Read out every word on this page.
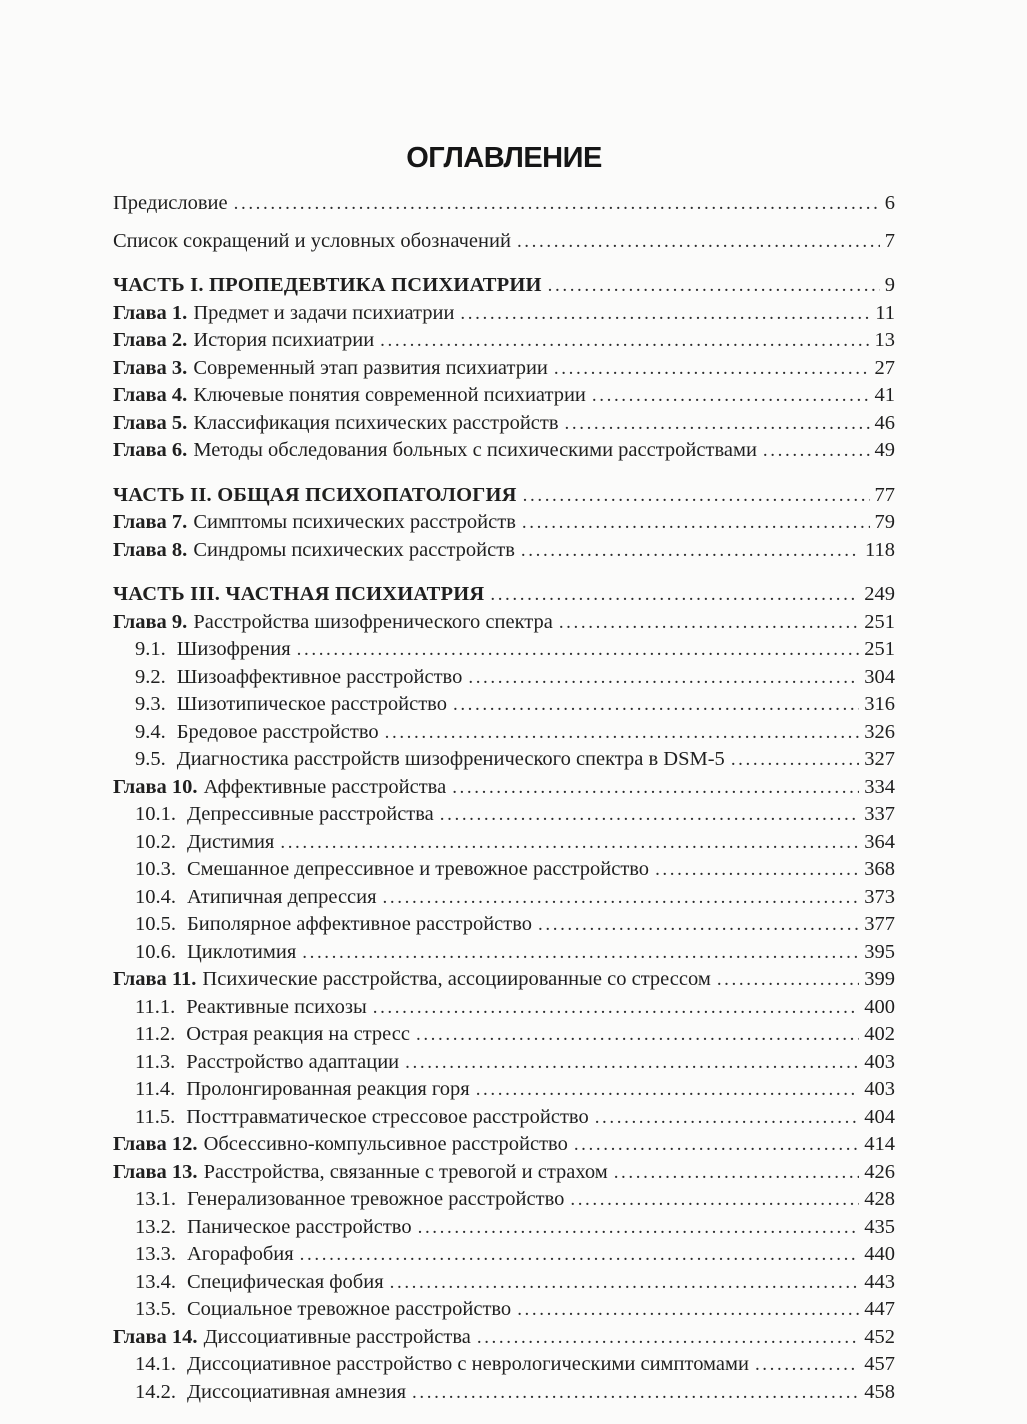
ОГЛАВЛЕНИЕ
Предисловие .....	6
Список сокращений и условных обозначений .....	7
ЧАСТЬ I. ПРОПЕДЕВТИКА ПСИХИАТРИИ .....	9
Глава 1. Предмет и задачи психиатрии .....	11
Глава 2. История психиатрии .....	13
Глава 3. Современный этап развития психиатрии .....	27
Глава 4. Ключевые понятия современной психиатрии .....	41
Глава 5. Классификация психических расстройств .....	46
Глава 6. Методы обследования больных с психическими расстройствами .....	49
ЧАСТЬ II. ОБЩАЯ ПСИХОПАТОЛОГИЯ .....	77
Глава 7. Симптомы психических расстройств .....	79
Глава 8. Синдромы психических расстройств .....	118
ЧАСТЬ III. ЧАСТНАЯ ПСИХИАТРИЯ .....	249
Глава 9. Расстройства шизофренического спектра .....	251
9.1. Шизофрения .....	251
9.2. Шизоаффективное расстройство .....	304
9.3. Шизотипическое расстройство .....	316
9.4. Бредовое расстройство .....	326
9.5. Диагностика расстройств шизофренического спектра в DSM-5 .....	327
Глава 10. Аффективные расстройства .....	334
10.1. Депрессивные расстройства .....	337
10.2. Дистимия .....	364
10.3. Смешанное депрессивное и тревожное расстройство .....	368
10.4. Атипичная депрессия .....	373
10.5. Биполярное аффективное расстройство .....	377
10.6. Циклотимия .....	395
Глава 11. Психические расстройства, ассоциированные со стрессом .....	399
11.1. Реактивные психозы .....	400
11.2. Острая реакция на стресс .....	402
11.3. Расстройство адаптации .....	403
11.4. Пролонгированная реакция горя .....	403
11.5. Посттравматическое стрессовое расстройство .....	404
Глава 12. Обсессивно-компульсивное расстройство .....	414
Глава 13. Расстройства, связанные с тревогой и страхом .....	426
13.1. Генерализованное тревожное расстройство .....	428
13.2. Паническое расстройство .....	435
13.3. Агорафобия .....	440
13.4. Специфическая фобия .....	443
13.5. Социальное тревожное расстройство .....	447
Глава 14. Диссоциативные расстройства .....	452
14.1. Диссоциативное расстройство с неврологическими симптомами .....	457
14.2. Диссоциативная амнезия .....	458
